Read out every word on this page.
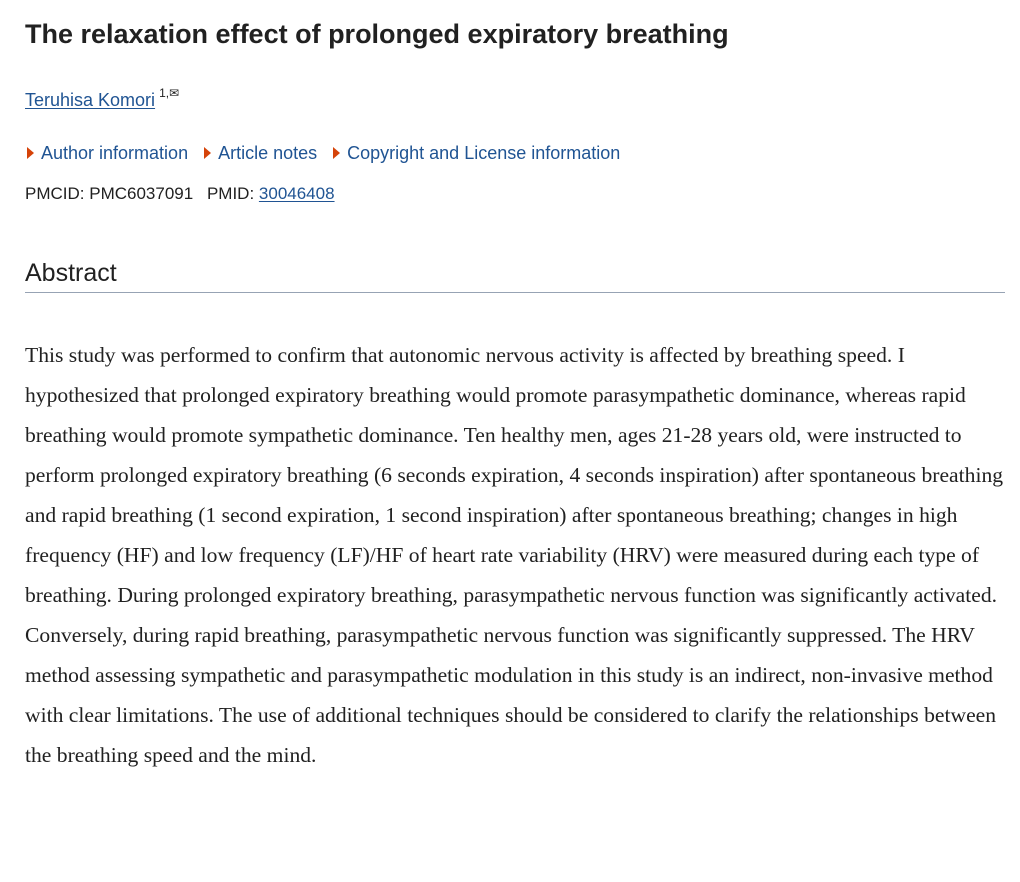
The relaxation effect of prolonged expiratory breathing
Teruhisa Komori $^{1,✉}$
Author information Article notes Copyright and License information
PMCID: PMC6037091 PMID: 30046408
Abstract

This study was performed to confirm that autonomic nervous activity is affected by breathing speed. I hypothesized that prolonged expiratory breathing would promote parasympathetic dominance, whereas rapid breathing would promote sympathetic dominance. Ten healthy men, ages 21-28 years old, were instructed to perform prolonged expiratory breathing (6 seconds expiration, 4 seconds inspiration) after spontaneous breathing and rapid breathing (1 second expiration, 1 second inspiration) after spontaneous breathing; changes in high frequency (HF) and low frequency (LF)/HF of heart rate variability (HRV) were measured during each type of breathing. During prolonged expiratory breathing, parasympathetic nervous function was significantly activated. Conversely, during rapid breathing, parasympathetic nervous function was significantly suppressed. The HRV method assessing sympathetic and parasympathetic modulation in this study is an indirect, non-invasive method with clear limitations. The use of additional techniques should be considered to clarify the relationships between the breathing speed and the mind.
